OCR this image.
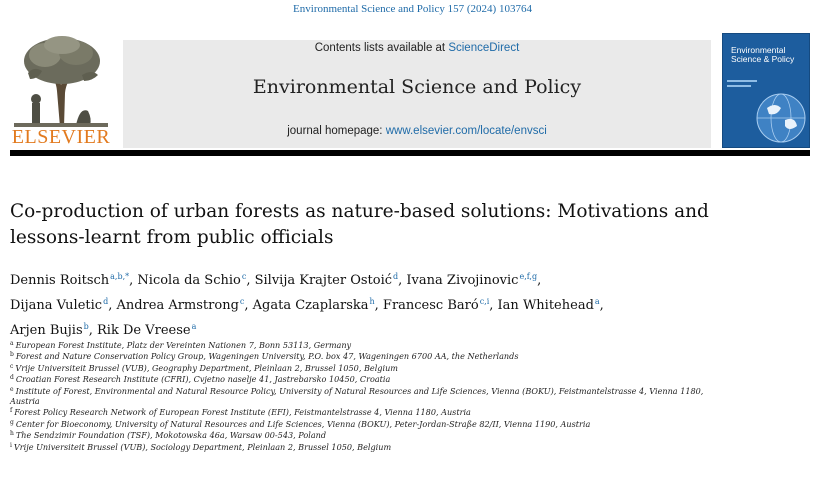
Environmental Science and Policy 157 (2024) 103764
ELSEVIER
Contents lists available at ScienceDirect
Environmental Science and Policy
journal homepage: www.elsevier.com/locate/envsci
Environmental Science & Policy
Co-production of urban forests as nature-based solutions: Motivations and lessons-learnt from public officials
Dennis Roitsch$^{a,b,*}$, Nicola da Schio$^c$, Silvija Krajter Ostoić$^d$, Ivana Zivojinovic$^{e,f,g}$,
Dijana Vuletic$^d$, Andrea Armstrong$^c$, Agata Czaplarska$^h$, Francesc Baró$^{c,i}$, Ian Whitehead$^a$,
Arjen Bujis$^b$, Rik De Vreese$^a$
$^a$ European Forest Institute, Platz der Vereinten Nationen 7, Bonn 53113, Germany
$^b$ Forest and Nature Conservation Policy Group, Wageningen University, P.O. box 47, Wageningen 6700 AA, the Netherlands
$^c$ Vrije Universiteit Brussel (VUB), Geography Department, Pleinlaan 2, Brussel 1050, Belgium
$^d$ Croatian Forest Research Institute (CFRI), Cvjetno naselje 41, Jastrebarsko 10450, Croatia
$^e$ Institute of Forest, Environmental and Natural Resource Policy, University of Natural Resources and Life Sciences, Vienna (BOKU), Feistmantelstrasse 4, Vienna 1180, Austria
$^f$ Forest Policy Research Network of European Forest Institute (EFI), Feistmantelstrasse 4, Vienna 1180, Austria
$^g$ Center for Bioeconomy, University of Natural Resources and Life Sciences, Vienna (BOKU), Peter-Jordan-Straße 82/II, Vienna 1190, Austria
$^h$ The Sendzimir Foundation (TSF), Mokotowska 46a, Warsaw 00-543, Poland
$^i$ Vrije Universiteit Brussel (VUB), Sociology Department, Pleinlaan 2, Brussel 1050, Belgium
